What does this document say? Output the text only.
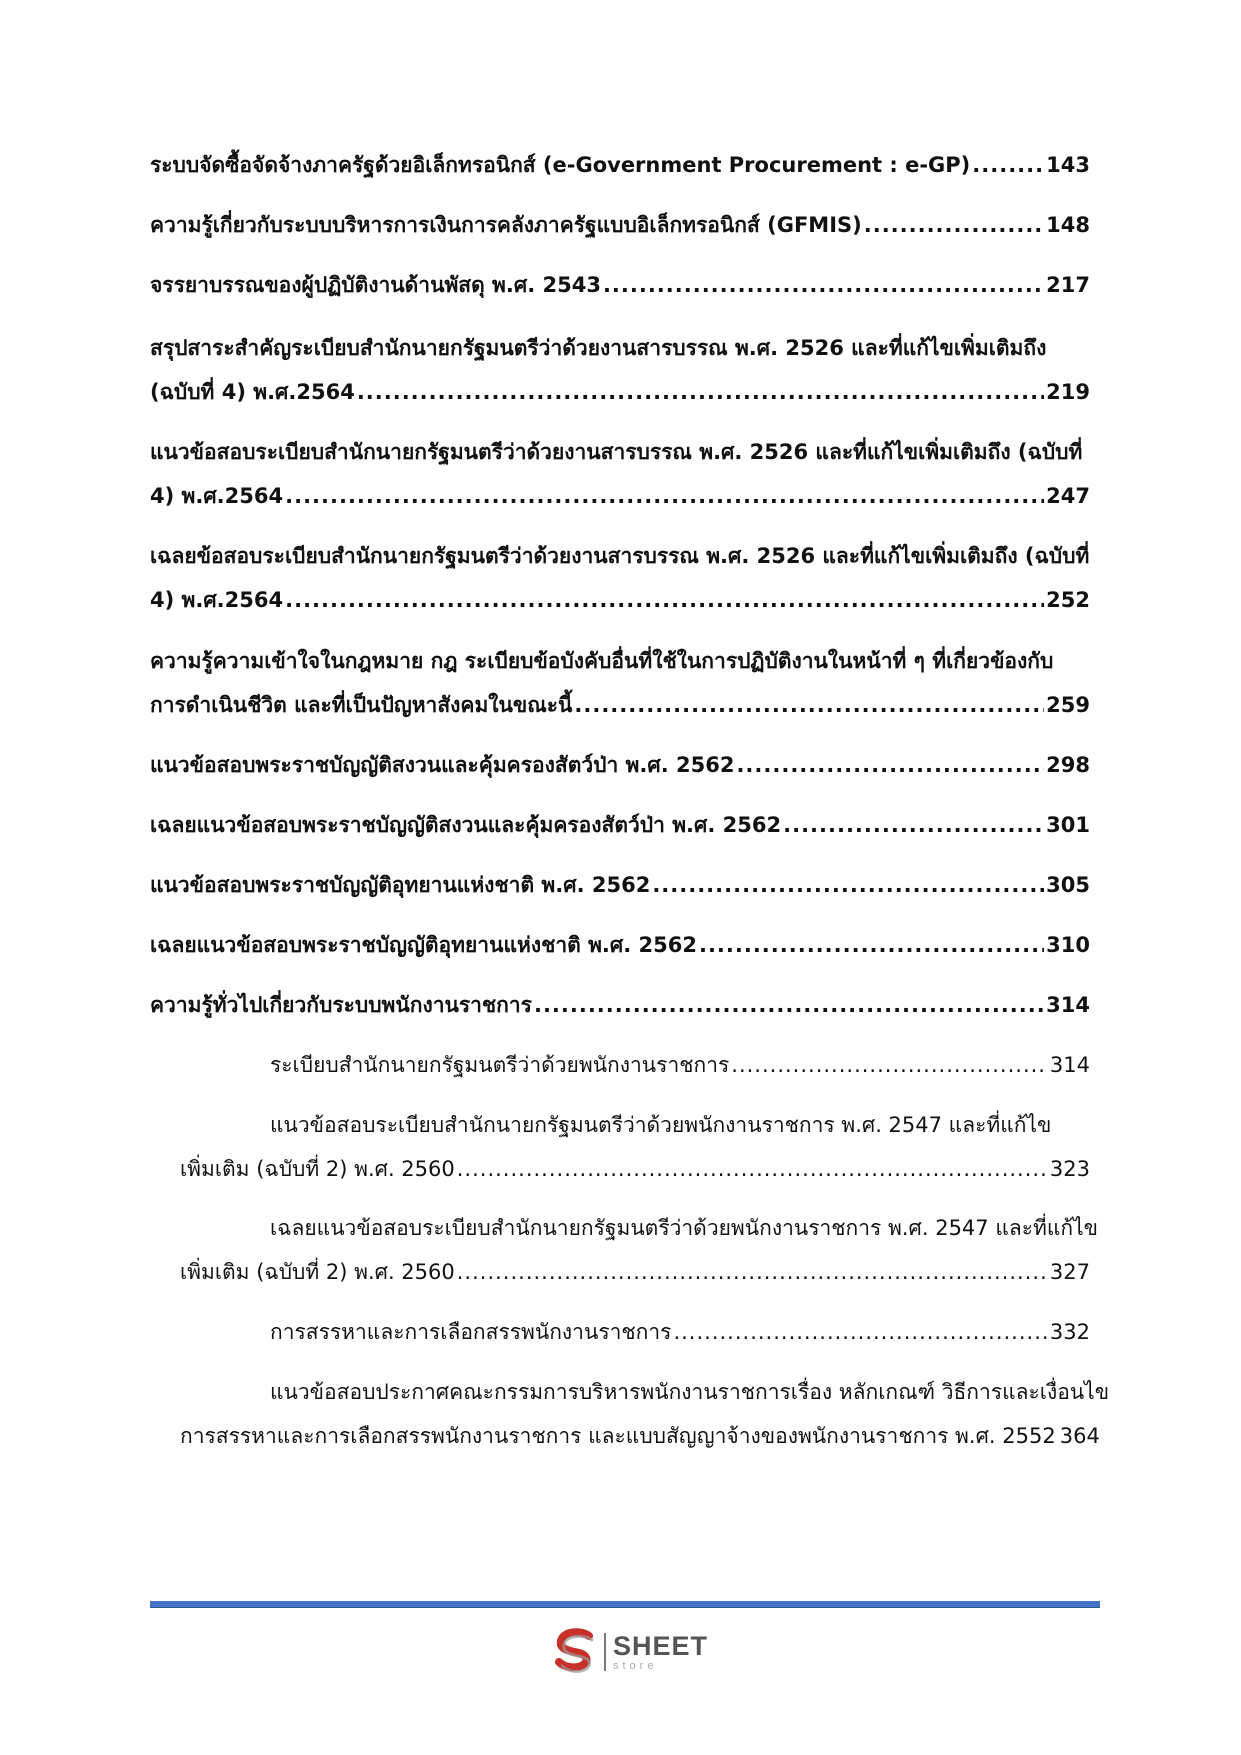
ระบบจัดซื้อจัดจ้างภาครัฐด้วยอิเล็กทรอนิกส์ (e-Government Procurement : e-GP) .....	143
ความรู้เกี่ยวกับระบบบริหารการเงินการคลังภาครัฐแบบอิเล็กทรอนิกส์ (GFMIS) .....	148
จรรยาบรรณของผู้ปฏิบัติงานด้านพัสดุ พ.ศ. 2543 .....	217
สรุปสาระสำคัญระเบียบสำนักนายกรัฐมนตรีว่าด้วยงานสารบรรณ พ.ศ. 2526 และที่แก้ไขเพิ่มเติมถึง
(ฉบับที่ 4) พ.ศ.2564 .....	219
แนวข้อสอบระเบียบสำนักนายกรัฐมนตรีว่าด้วยงานสารบรรณ พ.ศ. 2526 และที่แก้ไขเพิ่มเติมถึง (ฉบับที่
4) พ.ศ.2564 .....	247
เฉลยข้อสอบระเบียบสำนักนายกรัฐมนตรีว่าด้วยงานสารบรรณ พ.ศ. 2526 และที่แก้ไขเพิ่มเติมถึง (ฉบับที่
4) พ.ศ.2564 .....	252
ความรู้ความเข้าใจในกฎหมาย กฎ ระเบียบข้อบังคับอื่นที่ใช้ในการปฏิบัติงานในหน้าที่ ๆ ที่เกี่ยวข้องกับ
การดำเนินชีวิต และที่เป็นปัญหาสังคมในขณะนี้ .....	259
แนวข้อสอบพระราชบัญญัติสงวนและคุ้มครองสัตว์ป่า พ.ศ. 2562 .....	298
เฉลยแนวข้อสอบพระราชบัญญัติสงวนและคุ้มครองสัตว์ป่า พ.ศ. 2562 .....	301
แนวข้อสอบพระราชบัญญัติอุทยานแห่งชาติ พ.ศ. 2562 .....	305
เฉลยแนวข้อสอบพระราชบัญญัติอุทยานแห่งชาติ พ.ศ. 2562 .....	310
ความรู้ทั่วไปเกี่ยวกับระบบพนักงานราชการ .....	314
ระเบียบสำนักนายกรัฐมนตรีว่าด้วยพนักงานราชการ .....	314
แนวข้อสอบระเบียบสำนักนายกรัฐมนตรีว่าด้วยพนักงานราชการ พ.ศ. 2547 และที่แก้ไข
เพิ่มเติม (ฉบับที่ 2) พ.ศ. 2560 .....	323
เฉลยแนวข้อสอบระเบียบสำนักนายกรัฐมนตรีว่าด้วยพนักงานราชการ พ.ศ. 2547 และที่แก้ไข
เพิ่มเติม (ฉบับที่ 2) พ.ศ. 2560 .....	327
การสรรหาและการเลือกสรรพนักงานราชการ .....	332
แนวข้อสอบประกาศคณะกรรมการบริหารพนักงานราชการเรื่อง หลักเกณฑ์ วิธีการและเงื่อนไข
การสรรหาและการเลือกสรรพนักงานราชการ และแบบสัญญาจ้างของพนักงานราชการ พ.ศ. 2552 364
SHEET
store
